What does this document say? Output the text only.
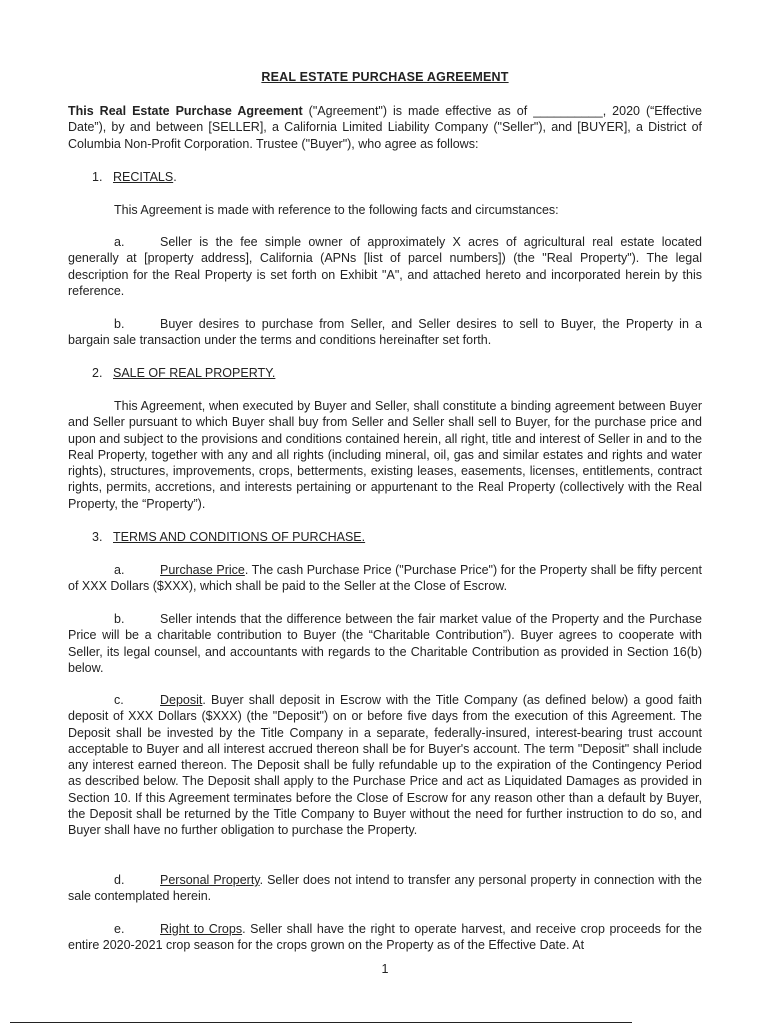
REAL ESTATE PURCHASE AGREEMENT

This Real Estate Purchase Agreement ("Agreement") is made effective as of __________, 2020 (“Effective Date”), by and between [SELLER], a California Limited Liability Company ("Seller"), and [BUYER], a District of Columbia Non-Profit Corporation. Trustee ("Buyer"), who agree as follows:

1. RECITALS.

This Agreement is made with reference to the following facts and circumstances:

a.	Seller is the fee simple owner of approximately X acres of agricultural real estate located generally at [property address], California (APNs [list of parcel numbers]) (the "Real Property"). The legal description for the Real Property is set forth on Exhibit "A", and attached hereto and incorporated herein by this reference.

b.	Buyer desires to purchase from Seller, and Seller desires to sell to Buyer, the Property in a bargain sale transaction under the terms and conditions hereinafter set forth.

2. SALE OF REAL PROPERTY.

This Agreement, when executed by Buyer and Seller, shall constitute a binding agreement between Buyer and Seller pursuant to which Buyer shall buy from Seller and Seller shall sell to Buyer, for the purchase price and upon and subject to the provisions and conditions contained herein, all right, title and interest of Seller in and to the Real Property, together with any and all rights (including mineral, oil, gas and similar estates and rights and water rights), structures, improvements, crops, betterments, existing leases, easements, licenses, entitlements, contract rights, permits, accretions, and interests pertaining or appurtenant to the Real Property (collectively with the Real Property, the “Property”).

3. TERMS AND CONDITIONS OF PURCHASE.

a.	Purchase Price. The cash Purchase Price ("Purchase Price") for the Property shall be fifty percent of XXX Dollars ($XXX), which shall be paid to the Seller at the Close of Escrow.

b.	Seller intends that the difference between the fair market value of the Property and the Purchase Price will be a charitable contribution to Buyer (the “Charitable Contribution”). Buyer agrees to cooperate with Seller, its legal counsel, and accountants with regards to the Charitable Contribution as provided in Section 16(b) below.

c.	Deposit. Buyer shall deposit in Escrow with the Title Company (as defined below) a good faith deposit of XXX Dollars ($XXX) (the "Deposit") on or before five days from the execution of this Agreement. The Deposit shall be invested by the Title Company in a separate, federally-insured, interest-bearing trust account acceptable to Buyer and all interest accrued thereon shall be for Buyer's account. The term "Deposit" shall include any interest earned thereon. The Deposit shall be fully refundable up to the expiration of the Contingency Period as described below. The Deposit shall apply to the Purchase Price and act as Liquidated Damages as provided in Section 10. If this Agreement terminates before the Close of Escrow for any reason other than a default by Buyer, the Deposit shall be returned by the Title Company to Buyer without the need for further instruction to do so, and Buyer shall have no further obligation to purchase the Property.

d.	Personal Property. Seller does not intend to transfer any personal property in connection with the sale contemplated herein.

e.	Right to Crops. Seller shall have the right to operate harvest, and receive crop proceeds for the entire 2020-2021 crop season for the crops grown on the Property as of the Effective Date. At

1
